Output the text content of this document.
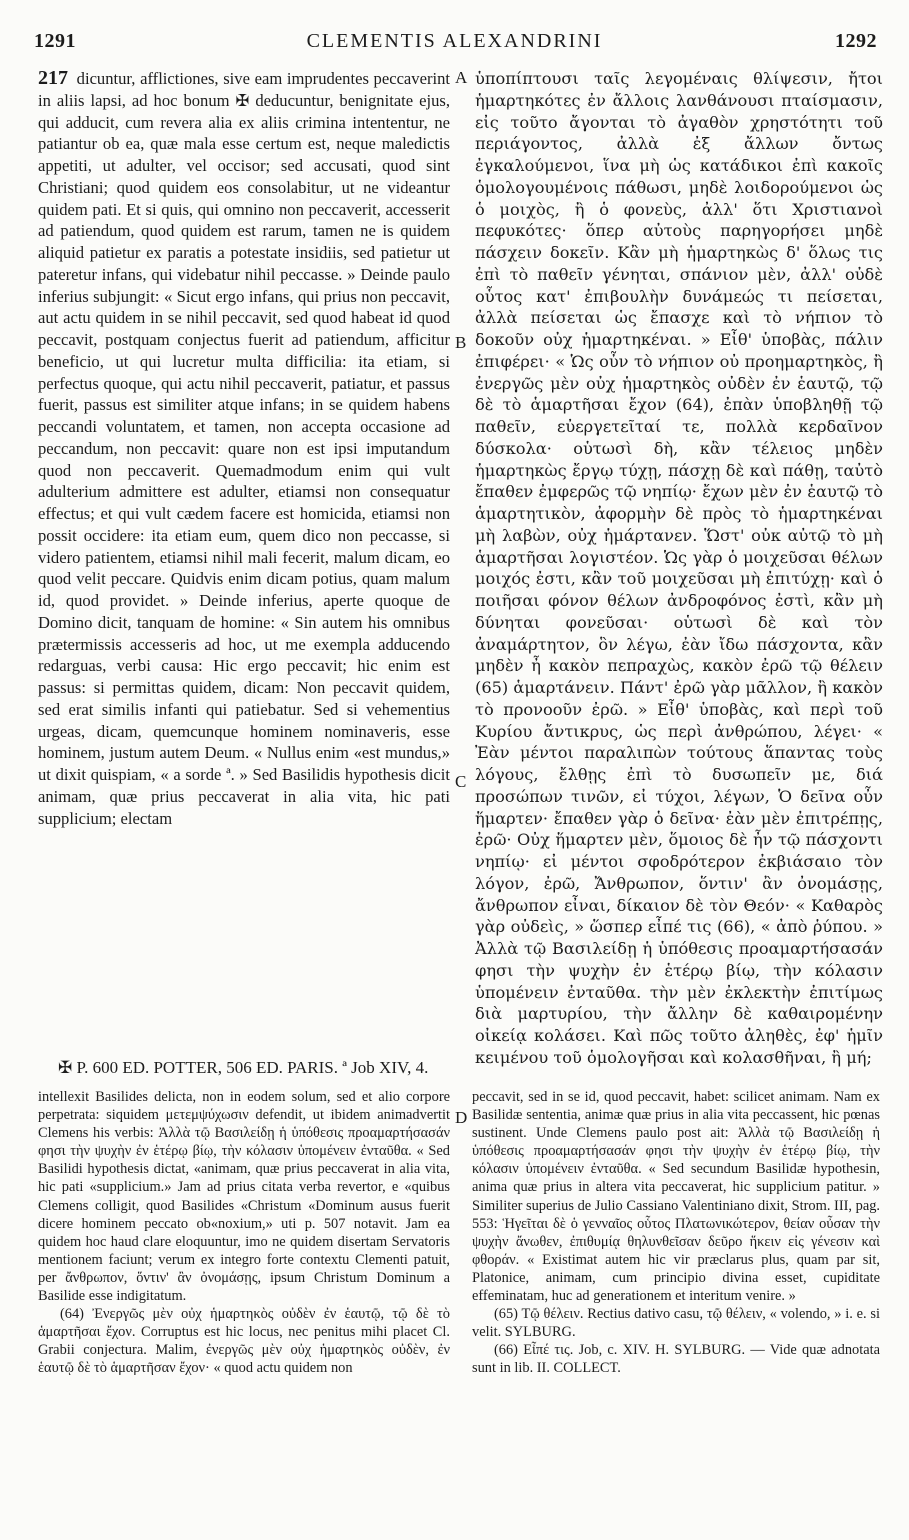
CLEMENTIS ALEXANDRINI
1291	1292
217 dicuntur, afflictiones, sive eam imprudentes peccaverint in aliis lapsi, ad hoc bonum ✠ deducuntur, benignitate ejus, qui adducit, cum revera alia ex aliis crimina intententur, ne patiantur ob ea, quæ mala esse certum est, neque maledictis appetiti, ut adulter, vel occisor; sed accusati, quod sint Christiani; quod quidem eos consolabitur, ut ne videantur quidem pati. Et si quis, qui omnino non peccaverit, accesserit ad patiendum, quod quidem est rarum, tamen ne is quidem aliquid patietur ex paratis a potestate insidiis, sed patietur ut pateretur infans, qui videbatur nihil peccasse. » Deinde paulo inferius subjungit: « Sicut ergo infans, qui prius non peccavit, aut actu quidem in se nihil peccavit, sed quod habeat id quod peccavit, postquam conjectus fuerit ad patiendum, afficitur beneficio, ut qui lucretur multa difficilia: ita etiam, si perfectus quoque, qui actu nihil peccaverit, patiatur, et passus fuerit, passus est similiter atque infans; in se quidem habens peccandi voluntatem, et tamen, non accepta occasione ad peccandum, non peccavit: quare non est ipsi imputandum quod non peccaverit. Quemadmodum enim qui vult adulterium admittere est adulter, etiamsi non consequatur effectus; et qui vult cædem facere est homicida, etiamsi non possit occidere: ita etiam eum, quem dico non peccasse, si videro patientem, etiamsi nihil mali fecerit, malum dicam, eo quod velit peccare. Quidvis enim dicam potius, quam malum id, quod providet. » Deinde inferius, aperte quoque de Domino dicit, tanquam de homine: « Sin autem his omnibus prætermissis accesseris ad hoc, ut me exempla adducendo redarguas, verbi causa: Hic ergo peccavit; hic enim est passus: si permittas quidem, dicam: Non peccavit quidem, sed erat similis infanti qui patiebatur. Sed si vehementius urgeas, dicam, quemcunque hominem nominaveris, esse hominem, justum autem Deum. « Nullus enim «est mundus,» ut dixit quispiam, « a sorde ª. » Sed Basilidis hypothesis dicit animam, quæ prius peccaverat in alia vita, hic pati supplicium; electam
ὑποπίπτουσι ταῖς λεγομέναις θλίψεσιν, ἤτοι ἡμαρτηκότες ἐν ἄλλοις λανθάνουσι πταίσμασιν, εἰς τοῦτο ἄγονται τὸ ἀγαθὸν χρηστότητι τοῦ περιάγοντος, ἀλλὰ ἐξ ἄλλων ὄντως ἐγκαλούμενοι, ἵνα μὴ ὡς κατάδικοι ἐπὶ κακοῖς ὁμολογουμένοις πάθωσι, μηδὲ λοιδορούμενοι ὡς ὁ μοιχὸς, ἢ ὁ φονεὺς, ἀλλ' ὅτι Χριστιανοὶ πεφυκότες· ὅπερ αὐτοὺς παρηγορήσει μηδὲ πάσχειν δοκεῖν. Κἂν μὴ ἡμαρτηκὼς δ' ὅλως τις ἐπὶ τὸ παθεῖν γένηται, σπάνιον μὲν, ἀλλ' οὐδὲ οὗτος κατ' ἐπιβουλὴν δυνάμεώς τι πείσεται, ἀλλὰ πείσεται ὡς ἔπασχε καὶ τὸ νήπιον τὸ δοκοῦν οὐχ ἡμαρτηκέναι. » Εἶθ' ὑποβὰς, πάλιν ἐπιφέρει· « Ὡς οὖν τὸ νήπιον οὐ προημαρτηκὸς, ἢ ἐνεργῶς μὲν οὐχ ἡμαρτηκὸς οὐδὲν ἐν ἑαυτῷ, τῷ δὲ τὸ ἁμαρτῆσαι ἔχον (64), ἐπὰν ὑποβληθῇ τῷ παθεῖν, εὐεργετεῖταί τε, πολλὰ κερδαῖνον δύσκολα· οὑτωσὶ δὴ, κἂν τέλειος μηδὲν ἡμαρτηκὼς ἔργῳ τύχῃ, πάσχῃ δὲ καὶ πάθῃ, ταὐτὸ ἔπαθεν ἐμφερῶς τῷ νηπίῳ· ἔχων μὲν ἐν ἑαυτῷ τὸ ἁμαρτητικὸν, ἀφορμὴν δὲ πρὸς τὸ ἡμαρτηκέναι μὴ λαβὼν, οὐχ ἡμάρτανεν. Ὥστ' οὐκ αὐτῷ τὸ μὴ ἁμαρτῆσαι λογιστέον. Ὡς γὰρ ὁ μοιχεῦσαι θέλων μοιχός ἐστι, κἂν τοῦ μοιχεῦσαι μὴ ἐπιτύχῃ· καὶ ὁ ποιῆσαι φόνον θέλων ἀνδροφόνος ἐστὶ, κἂν μὴ δύνηται φονεῦσαι· οὑτωσὶ δὲ καὶ τὸν ἀναμάρτητον, ὃν λέγω, ἐὰν ἴδω πάσχοντα, κἂν μηδὲν ἦ κακὸν πεπραχὼς, κακὸν ἐρῶ τῷ θέλειν (65) ἁμαρτάνειν. Πάντ' ἐρῶ γὰρ μᾶλλον, ἢ κακὸν τὸ προνοοῦν ἐρῶ. » Εἶθ' ὑποβὰς, καὶ περὶ τοῦ Κυρίου ἄντικρυς, ὡς περὶ ἀνθρώπου, λέγει· « Ἐὰν μέντοι παραλιπὼν τούτους ἅπαντας τοὺς λόγους, ἔλθῃς ἐπὶ τὸ δυσωπεῖν με, διά προσώπων τινῶν, εἰ τύχοι, λέγων, Ὁ δεῖνα οὖν ἥμαρτεν· ἔπαθεν γὰρ ὁ δεῖνα· ἐὰν μὲν ἐπιτρέπῃς, ἐρῶ· Οὐχ ἥμαρτεν μὲν, ὅμοιος δὲ ἦν τῷ πάσχοντι νηπίῳ· εἰ μέντοι σφοδρότερον ἐκβιάσαιο τὸν λόγον, ἐρῶ, Ἄνθρωπον, ὅντιν' ἂν ὀνομάσῃς, ἄνθρωπον εἶναι, δίκαιον δὲ τὸν Θεόν· « Καθαρὸς γὰρ οὐδεὶς, » ὥσπερ εἶπέ τις (66), « ἀπὸ ῥύπου. » Ἀλλὰ τῷ Βασιλείδῃ ἡ ὑπόθεσις προαμαρτήσασάν φησι τὴν ψυχὴν ἐν ἑτέρῳ βίῳ, τὴν κόλασιν ὑπομένειν ἐνταῦθα. τὴν μὲν ἐκλεκτὴν ἐπιτίμως διὰ μαρτυρίου, τὴν ἄλλην δὲ καθαιρομένην οἰκείᾳ κολάσει. Καὶ πῶς τοῦτο ἀληθὲς, ἐφ' ἡμῖν κειμένου τοῦ ὁμολογῆσαι καὶ κολασθῆναι, ἢ μή;
A
B
C
D
✠ P. 600 ED. POTTER, 506 ED. PARIS. ª Job XIV, 4.

intellexit Basilides delicta, non in eodem solum, sed et alio corpore perpetrata: siquidem μετεμψύχωσιν defendit, ut ibidem animadvertit Clemens his verbis: Ἀλλὰ τῷ Βασιλείδῃ ἡ ὑπόθεσις προαμαρτήσασάν φησι τὴν ψυχὴν ἐν ἑτέρῳ βίῳ, τὴν κόλασιν ὑπομένειν ἐνταῦθα. « Sed Basilidi hypothesis dictat, «animam, quæ prius peccaverat in alia vita, hic pati «supplicium.» Jam ad prius citata verba revertor, e «quibus Clemens colligit, quod Basilides «Christum «Dominum ausus fuerit dicere hominem peccato ob«noxium,» uti p. 507 notavit. Jam ea quidem hoc haud clare eloquuntur, imo ne quidem disertam Servatoris mentionem faciunt; verum ex integro forte contextu Clementi patuit, per ἄνθρωπον, ὅντιν' ἂν ὀνομάσῃς, ipsum Christum Dominum a Basilide esse indigitatum.

(64) Ἐνεργῶς μὲν οὐχ ἡμαρτηκὸς οὐδὲν ἐν ἑαυτῷ, τῷ δὲ τὸ ἁμαρτῆσαι ἔχον. Corruptus est hic locus, nec penitus mihi placet Cl. Grabii conjectura. Malim, ἐνεργῶς μὲν οὐχ ἡμαρτηκὸς οὐδὲν, ἐν ἑαυτῷ δὲ τὸ ἁμαρτῆσαν ἔχον· « quod actu quidem non

peccavit, sed in se id, quod peccavit, habet: scilicet animam. Nam ex Basilidæ sententia, animæ quæ prius in alia vita peccassent, hic pœnas sustinent. Unde Clemens paulo post ait: Ἀλλὰ τῷ Βασιλείδῃ ἡ ὑπόθεσις προαμαρτήσασάν φησι τὴν ψυχὴν ἐν ἑτέρῳ βίῳ, τὴν κόλασιν ὑπομένειν ἐνταῦθα. « Sed secundum Basilidæ hypothesin, anima quæ prius in altera vita peccaverat, hic supplicium patitur. » Similiter superius de Julio Cassiano Valentiniano dixit, Strom. III, pag. 553: Ἡγεῖται δὲ ὁ γενναῖος οὗτος Πλατωνικώτερον, θείαν οὖσαν τὴν ψυχὴν ἄνωθεν, ἐπιθυμίᾳ θηλυνθεῖσαν δεῦρο ἥκειν εἰς γένεσιν καὶ φθοράν. « Existimat autem hic vir præclarus plus, quam par sit, Platonice, animam, cum principio divina esset, cupiditate effeminatam, huc ad generationem et interitum venire. »

(65) Τῷ θέλειν. Rectius dativo casu, τῷ θέλειν, « volendo, » i. e. si velit. SYLBURG.

(66) Εἶπέ τις. Job, c. XIV. H. SYLBURG. — Vide quæ adnotata sunt in lib. II. COLLECT.
